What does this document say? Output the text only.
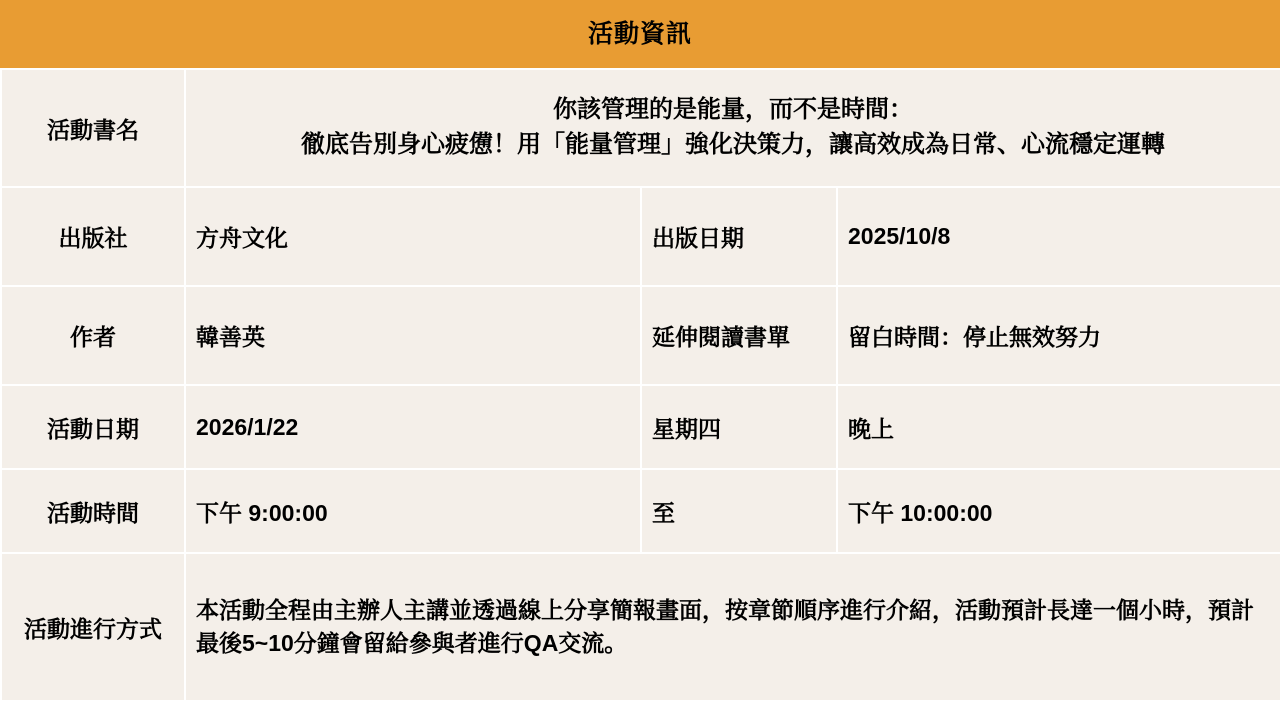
活動資訊
活動書名	你該管理的是能量，而不是時間：
徹底告別身心疲憊！用「能量管理」強化決策力，讓高效成為日常、心流穩定運轉		

出版社	方舟文化	出版日期	2025/10/8
作者	韓善英	延伸閱讀書單	留白時間：停止無效努力
活動日期	2026/1/22	星期四	晚上
活動時間	下午 9:00:00	至	下午 10:00:00
活動進行方式	本活動全程由主辦人主講並透過線上分享簡報畫面，按章節順序進行介紹，活動預計長達一個小時，預計最後5~10分鐘會留給參與者進行QA交流。		
